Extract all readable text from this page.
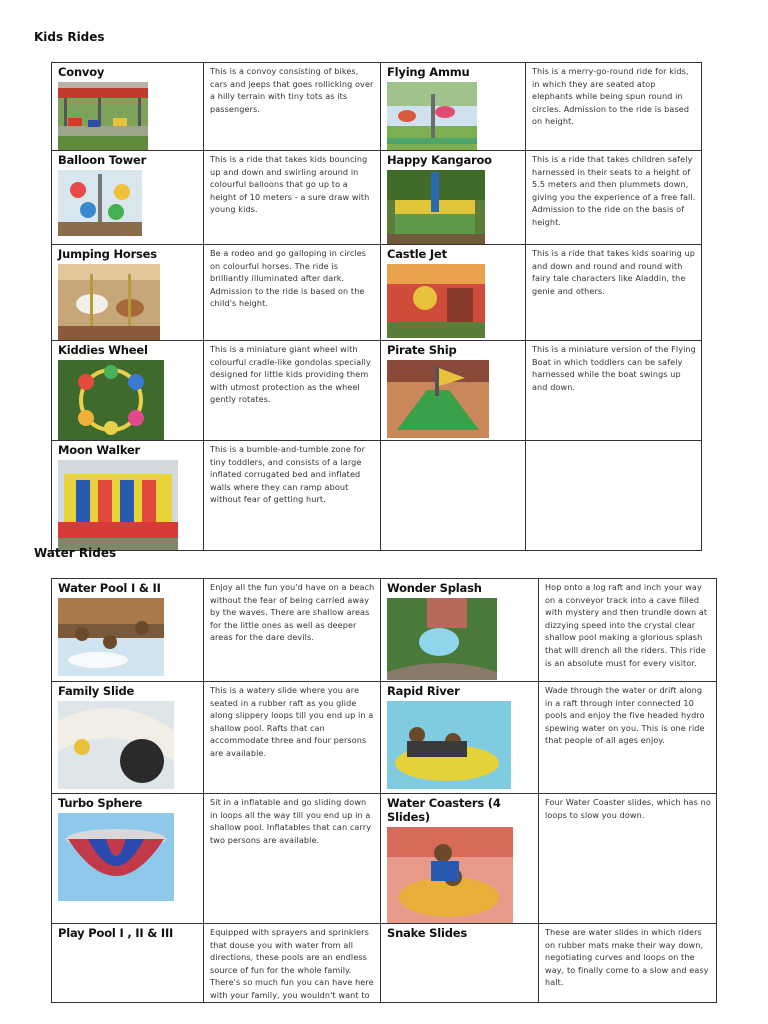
Kids Rides
Convoy	This is a convoy consisting of bikes, cars and jeeps that goes rollicking over a hilly terrain with tiny tots as its passengers.	Flying Ammu	This is a merry-go-round ride for kids, in which they are seated atop elephants while being spun round in circles. Admission to the ride is based on height.

Balloon Tower	This is a ride that takes kids bouncing up and down and swirling around in colourful balloons that go up to a height of 10 meters - a sure draw with young kids.	Happy Kangaroo	This is a ride that takes children safely harnessed in their seats to a height of 5.5 meters and then plummets down, giving you the experience of a free fall. Admission to the ride on the basis of height.

Jumping Horses	Be a rodeo and go galloping in circles on colourful horses. The ride is brilliantly illuminated after dark. Admission to the ride is based on the child's height.	Castle Jet	This is a ride that takes kids soaring up and down and round and round with fairy tale characters like Aladdin, the genie and others.

Kiddies Wheel	This is a miniature giant wheel with colourful cradle-like gondolas specially designed for little kids providing them with utmost protection as the wheel gently rotates.	Pirate Ship	This is a miniature version of the Flying Boat in which toddlers can be safely harnessed while the boat swings up and down.

Moon Walker	This is a bumble-and-tumble zone for tiny toddlers, and consists of a large inflated corrugated bed and inflated walls where they can ramp about without fear of getting hurt.		

Water Rides
Water Pool I & II	Enjoy all the fun you'd have on a beach without the fear of being carried away by the waves. There are shallow areas for the little ones as well as deeper areas for the dare devils.	Wonder Splash	Hop onto a log raft and inch your way on a conveyor track into a cave filled with mystery and then trundle down at dizzying speed into the crystal clear shallow pool making a glorious splash that will drench all the riders. This ride is an absolute must for every visitor.

Family Slide	This is a watery slide where you are seated in a rubber raft as you glide along slippery loops till you end up in a shallow pool. Rafts that can accommodate three and four persons are available.	Rapid River	Wade through the water or drift along in a raft through inter connected 10 pools and enjoy the five headed hydro spewing water on you. This is one ride that people of all ages enjoy.

Turbo Sphere	Sit in a inflatable and go sliding down in loops all the way till you end up in a shallow pool. Inflatables that can carry two persons are available.	Water Coasters (4 Slides)	Four Water Coaster slides, which has no loops to slow you down.

Play Pool I , II & III	Equipped with sprayers and sprinklers that douse you with water from all directions, these pools are an endless source of fun for the whole family. There's so much fun you can have here with your family, you wouldn't want to	Snake Slides	These are water slides in which riders on rubber mats make their way down, negotiating curves and loops on the way, to finally come to a slow and easy halt.
